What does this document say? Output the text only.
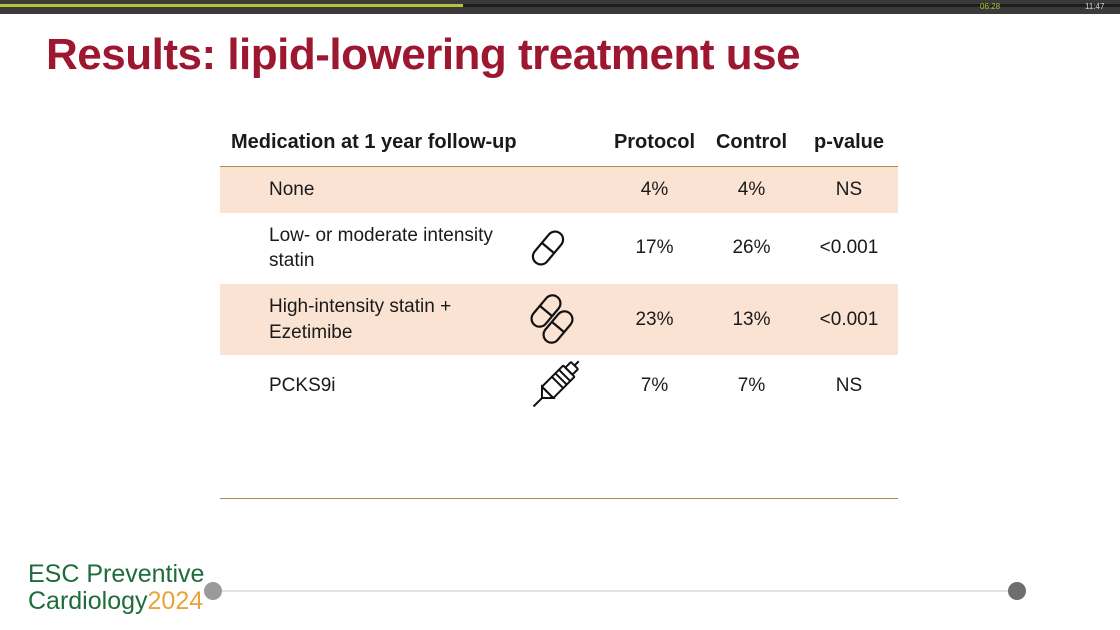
06:28	11:47
Results: lipid-lowering treatment use
Medication at 1 year follow-up		Protocol	Control	p-value
None		4%	4%	NS
Low- or moderate intensity statin		17%	26%	<0.001
High-intensity statin + Ezetimibe		23%	13%	<0.001
PCKS9i		7%	7%	NS
ESC Preventive
Cardiology2024
